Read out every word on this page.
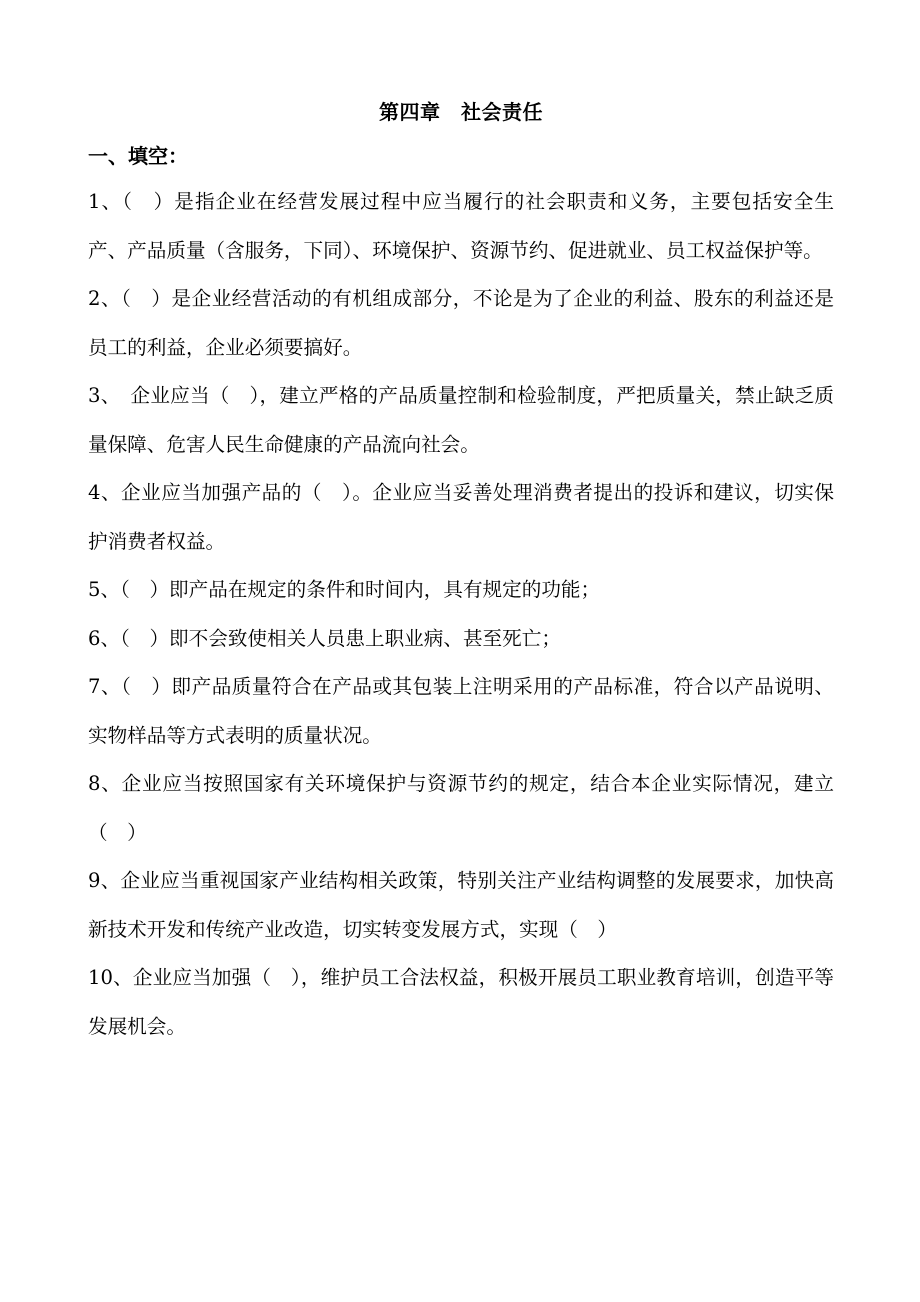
第四章　社会责任
一、填空：

1、（　）是指企业在经营发展过程中应当履行的社会职责和义务，主要包括安全生产、产品质量（含服务，下同）、环境保护、资源节约、促进就业、员工权益保护等。

2、（　）是企业经营活动的有机组成部分，不论是为了企业的利益、股东的利益还是员工的利益，企业必须要搞好。

3、　企业应当（　），建立严格的产品质量控制和检验制度，严把质量关，禁止缺乏质量保障、危害人民生命健康的产品流向社会。

4、企业应当加强产品的（　）。企业应当妥善处理消费者提出的投诉和建议，切实保护消费者权益。

5、（　）即产品在规定的条件和时间内，具有规定的功能；

6、（　）即不会致使相关人员患上职业病、甚至死亡；

7、（　）即产品质量符合在产品或其包装上注明采用的产品标准，符合以产品说明、实物样品等方式表明的质量状况。

8、企业应当按照国家有关环境保护与资源节约的规定，结合本企业实际情况，建立（　）

9、企业应当重视国家产业结构相关政策，特别关注产业结构调整的发展要求，加快高新技术开发和传统产业改造，切实转变发展方式，实现（　）

10、企业应当加强（　），维护员工合法权益，积极开展员工职业教育培训，创造平等发展机会。
